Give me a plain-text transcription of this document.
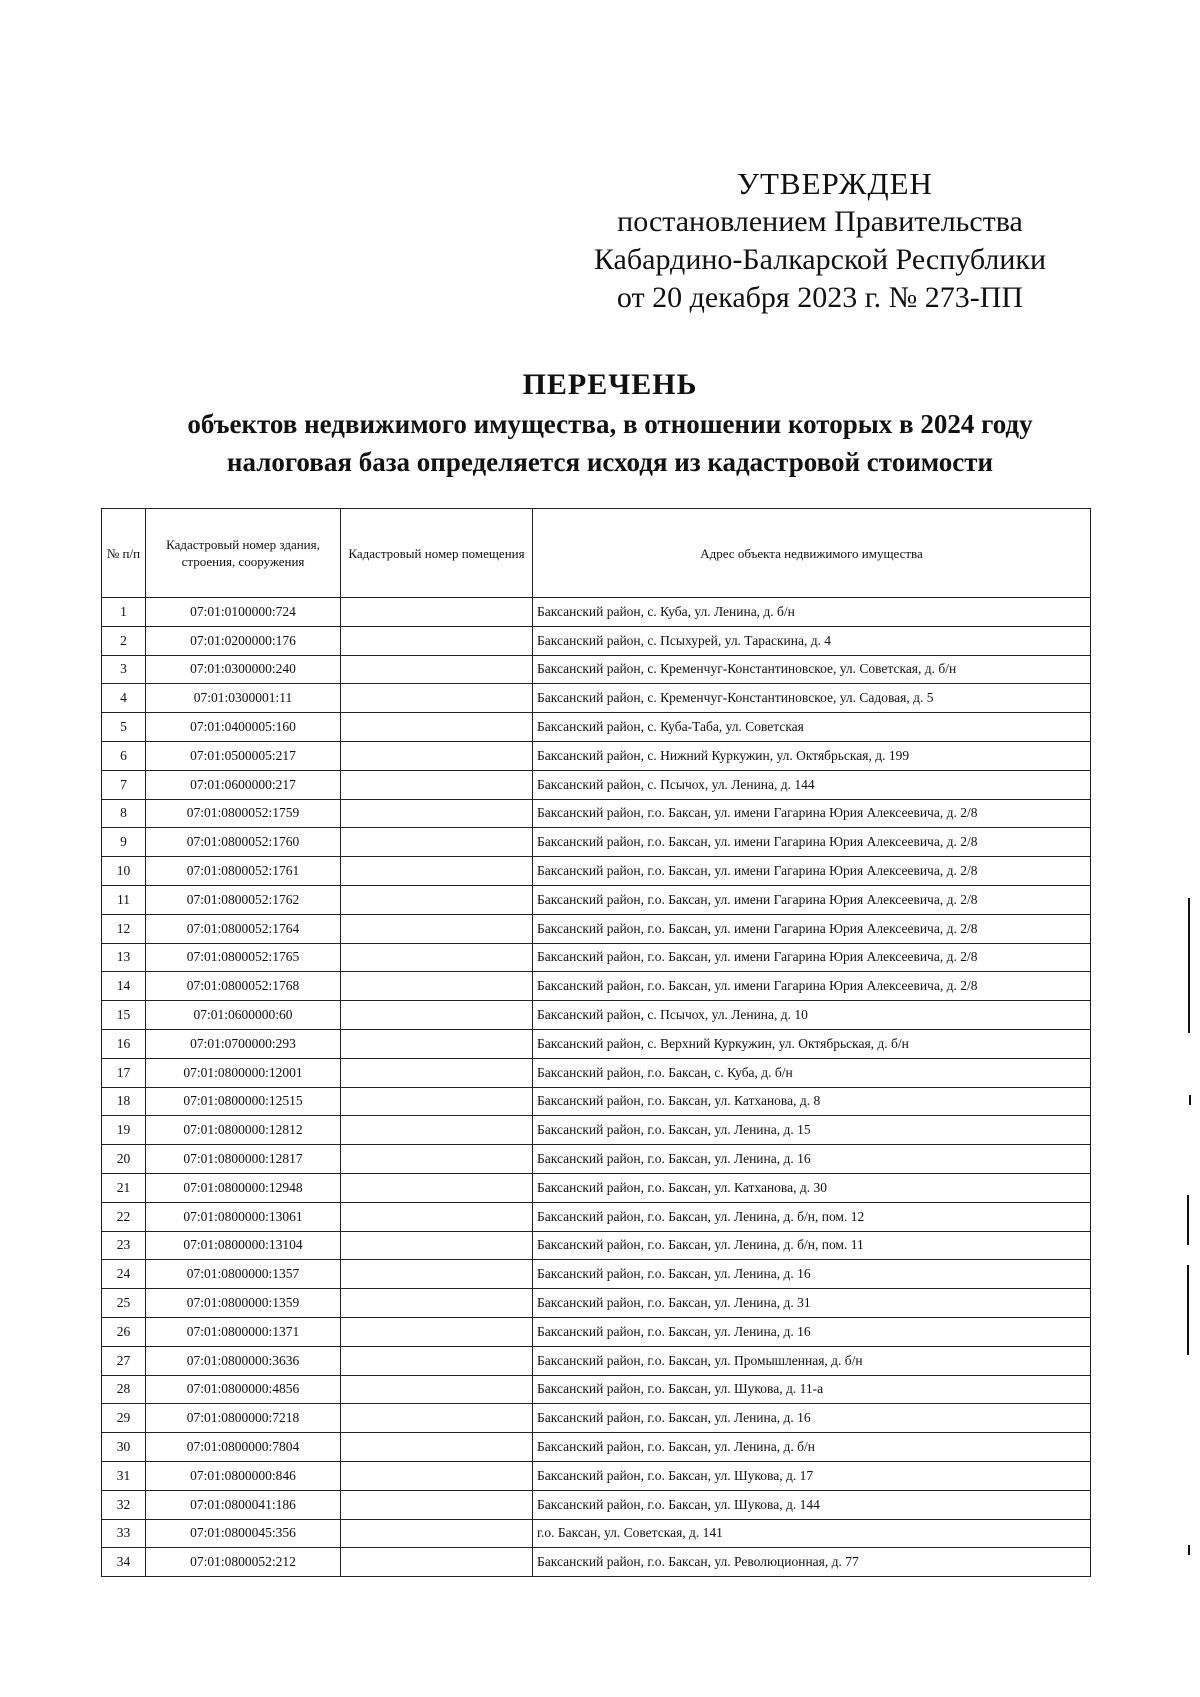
УТВЕРЖДЕН
постановлением Правительства
Кабардино-Балкарской Республики
от 20 декабря 2023 г. № 273-ПП
ПЕРЕЧЕНЬ
объектов недвижимого имущества, в отношении которых в 2024 году
налоговая база определяется исходя из кадастровой стоимости
№ п/п	Кадастровый номер здания, строения, сооружения	Кадастровый номер помещения	Адрес объекта недвижимого имущества
1	07:01:0100000:724		Баксанский район, с. Куба, ул. Ленина, д. б/н
2	07:01:0200000:176		Баксанский район, с. Псыхурей, ул. Тараскина, д. 4
3	07:01:0300000:240		Баксанский район, с. Кременчуг-Константиновское, ул. Советская, д. б/н
4	07:01:0300001:11		Баксанский район, с. Кременчуг-Константиновское, ул. Садовая, д. 5
5	07:01:0400005:160		Баксанский район, с. Куба-Таба, ул. Советская
6	07:01:0500005:217		Баксанский район, с. Нижний Куркужин, ул. Октябрьская, д. 199
7	07:01:0600000:217		Баксанский район, с. Псычох, ул. Ленина, д. 144
8	07:01:0800052:1759		Баксанский район, г.о. Баксан, ул. имени Гагарина Юрия Алексеевича, д. 2/8
9	07:01:0800052:1760		Баксанский район, г.о. Баксан, ул. имени Гагарина Юрия Алексеевича, д. 2/8
10	07:01:0800052:1761		Баксанский район, г.о. Баксан, ул. имени Гагарина Юрия Алексеевича, д. 2/8
11	07:01:0800052:1762		Баксанский район, г.о. Баксан, ул. имени Гагарина Юрия Алексеевича, д. 2/8
12	07:01:0800052:1764		Баксанский район, г.о. Баксан, ул. имени Гагарина Юрия Алексеевича, д. 2/8
13	07:01:0800052:1765		Баксанский район, г.о. Баксан, ул. имени Гагарина Юрия Алексеевича, д. 2/8
14	07:01:0800052:1768		Баксанский район, г.о. Баксан, ул. имени Гагарина Юрия Алексеевича, д. 2/8
15	07:01:0600000:60		Баксанский район, с. Псычох, ул. Ленина, д. 10
16	07:01:0700000:293		Баксанский район, с. Верхний Куркужин, ул. Октябрьская, д. б/н
17	07:01:0800000:12001		Баксанский район, г.о. Баксан, с. Куба, д. б/н
18	07:01:0800000:12515		Баксанский район, г.о. Баксан, ул. Катханова, д. 8
19	07:01:0800000:12812		Баксанский район, г.о. Баксан, ул. Ленина, д. 15
20	07:01:0800000:12817		Баксанский район, г.о. Баксан, ул. Ленина, д. 16
21	07:01:0800000:12948		Баксанский район, г.о. Баксан, ул. Катханова, д. 30
22	07:01:0800000:13061		Баксанский район, г.о. Баксан, ул. Ленина, д. б/н, пом. 12
23	07:01:0800000:13104		Баксанский район, г.о. Баксан, ул. Ленина, д. б/н, пом. 11
24	07:01:0800000:1357		Баксанский район, г.о. Баксан, ул. Ленина, д. 16
25	07:01:0800000:1359		Баксанский район, г.о. Баксан, ул. Ленина, д. 31
26	07:01:0800000:1371		Баксанский район, г.о. Баксан, ул. Ленина, д. 16
27	07:01:0800000:3636		Баксанский район, г.о. Баксан, ул. Промышленная, д. б/н
28	07:01:0800000:4856		Баксанский район, г.о. Баксан, ул. Шукова, д. 11-а
29	07:01:0800000:7218		Баксанский район, г.о. Баксан, ул. Ленина, д. 16
30	07:01:0800000:7804		Баксанский район, г.о. Баксан, ул. Ленина, д. б/н
31	07:01:0800000:846		Баксанский район, г.о. Баксан, ул. Шукова, д. 17
32	07:01:0800041:186		Баксанский район, г.о. Баксан, ул. Шукова, д. 144
33	07:01:0800045:356		г.о. Баксан, ул. Советская, д. 141
34	07:01:0800052:212		Баксанский район, г.о. Баксан, ул. Революционная, д. 77
